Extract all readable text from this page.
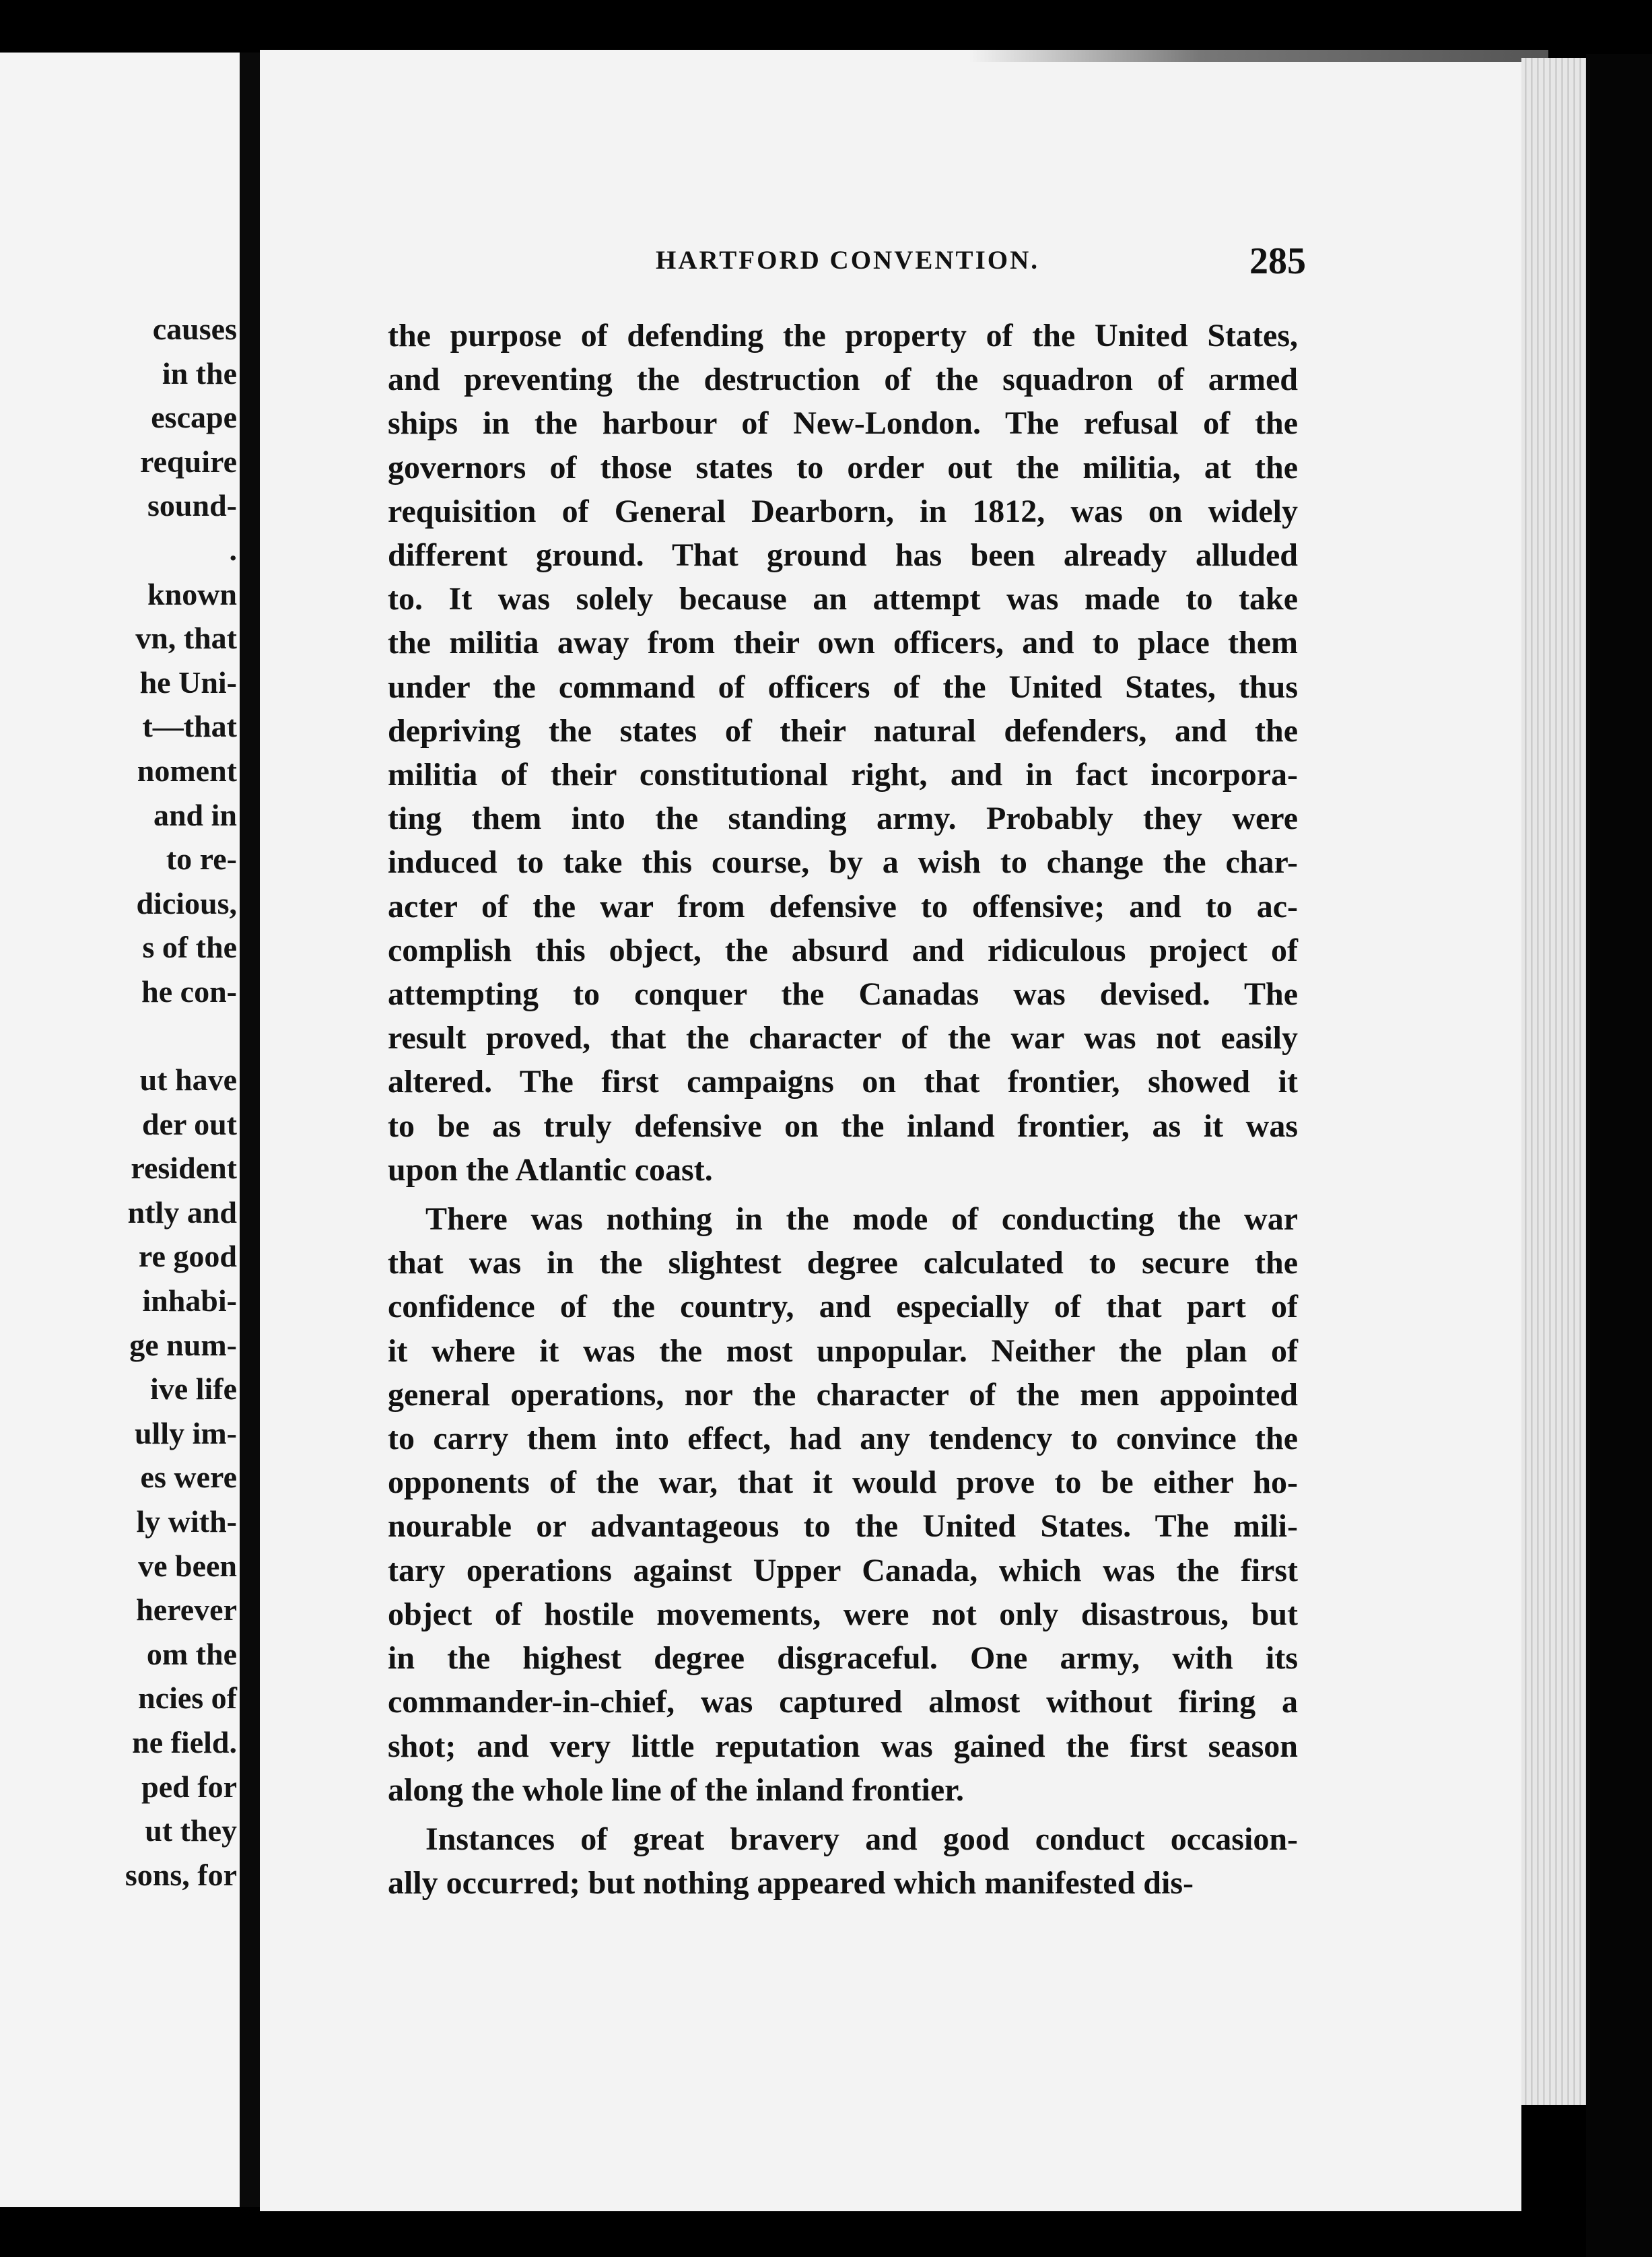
causes
in the
escape
require
sound-
.
known
vn, that
he Uni-
t—that
noment
and in
to re-
dicious,
s of the
he con-

ut have
der out
resident
ntly and
re good
inhabi-
ge num-
ive life
ully im-
es were
ly with-
ve been
herever
om the
ncies of
ne field.
ped for
ut they
sons, for
HARTFORD CONVENTION.	285

the purpose of defending the property of the United States,
and preventing the destruction of the squadron of armed
ships in the harbour of New-London. The refusal of the
governors of those states to order out the militia, at the
requisition of General Dearborn, in 1812, was on widely
different ground. That ground has been already alluded
to. It was solely because an attempt was made to take
the militia away from their own officers, and to place them
under the command of officers of the United States, thus
depriving the states of their natural defenders, and the
militia of their constitutional right, and in fact incorpora-
ting them into the standing army. Probably they were
induced to take this course, by a wish to change the char-
acter of the war from defensive to offensive; and to ac-
complish this object, the absurd and ridiculous project of
attempting to conquer the Canadas was devised. The
result proved, that the character of the war was not easily
altered. The first campaigns on that frontier, showed it
to be as truly defensive on the inland frontier, as it was
upon the Atlantic coast.

There was nothing in the mode of conducting the war
that was in the slightest degree calculated to secure the
confidence of the country, and especially of that part of
it where it was the most unpopular. Neither the plan of
general operations, nor the character of the men appointed
to carry them into effect, had any tendency to convince the
opponents of the war, that it would prove to be either ho-
nourable or advantageous to the United States. The mili-
tary operations against Upper Canada, which was the first
object of hostile movements, were not only disastrous, but
in the highest degree disgraceful. One army, with its
commander-in-chief, was captured almost without firing a
shot; and very little reputation was gained the first season
along the whole line of the inland frontier.

Instances of great bravery and good conduct occasion-
ally occurred; but nothing appeared which manifested dis-
